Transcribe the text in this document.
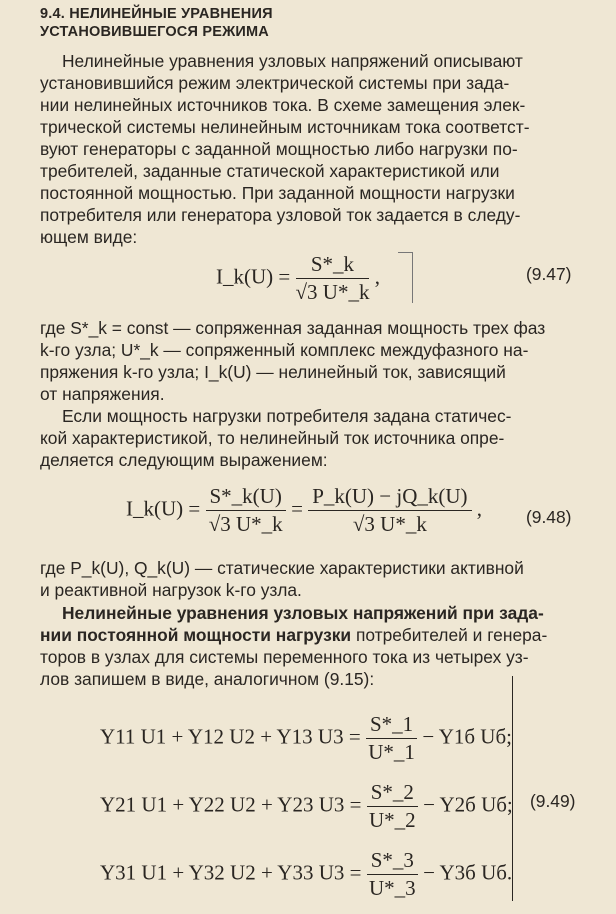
9.4. НЕЛИНЕЙНЫЕ УРАВНЕНИЯ
УСТАНОВИВШЕГОСЯ РЕЖИМА
Нелинейные уравнения узловых напряжений описывают
установившийся режим электрической системы при зада-
нии нелинейных источников тока. В схеме замещения элек-
трической системы нелинейным источникам тока соответст-
вуют генераторы с заданной мощностью либо нагрузки по-
требителей, заданные статической характеристикой или
постоянной мощностью. При заданной мощности нагрузки
потребителя или генератора узловой ток задается в следу-
ющем виде:
I_k(U) = $\frac{S*\_k}{√3 U*\_k}$ ,	(9.47)
где S*_k = const — сопряженная заданная мощность трех фаз
k-го узла; U*_k — сопряженный комплекс междуфазного на-
пряжения k-го узла; I_k(U) — нелинейный ток, зависящий
от напряжения.
Если мощность нагрузки потребителя задана статичес-
кой характеристикой, то нелинейный ток источника опре-
деляется следующим выражением:
I_k(U) = $\frac{S*\_k(U)}{√3 U*\_k} = \frac{P\_k(U) - jQ\_k(U)}{√3 U*\_k}$ ,	(9.48)
где P_k(U), Q_k(U) — статические характеристики активной
и реактивной нагрузок k-го узла.
Нелинейные уравнения узловых напряжений при зада-
нии постоянной мощности нагрузки потребителей и генера-
торов в узлах для системы переменного тока из четырех уз-
лов запишем в виде, аналогичном (9.15):
Y11 U1 + Y12 U2 + Y13 $U3 = \frac{S*\_1}{U*\_1} - Y1б$ Uб;
Y21 U1 + Y22 U2 + Y23 $U3 = \frac{S*\_2}{U*\_2} - Y2б$ Uб;
Y31 U1 + Y32 U2 + Y33 $U3 = \frac{S*\_3}{U*\_3} - Y3б$ Uб.
(9.49)
